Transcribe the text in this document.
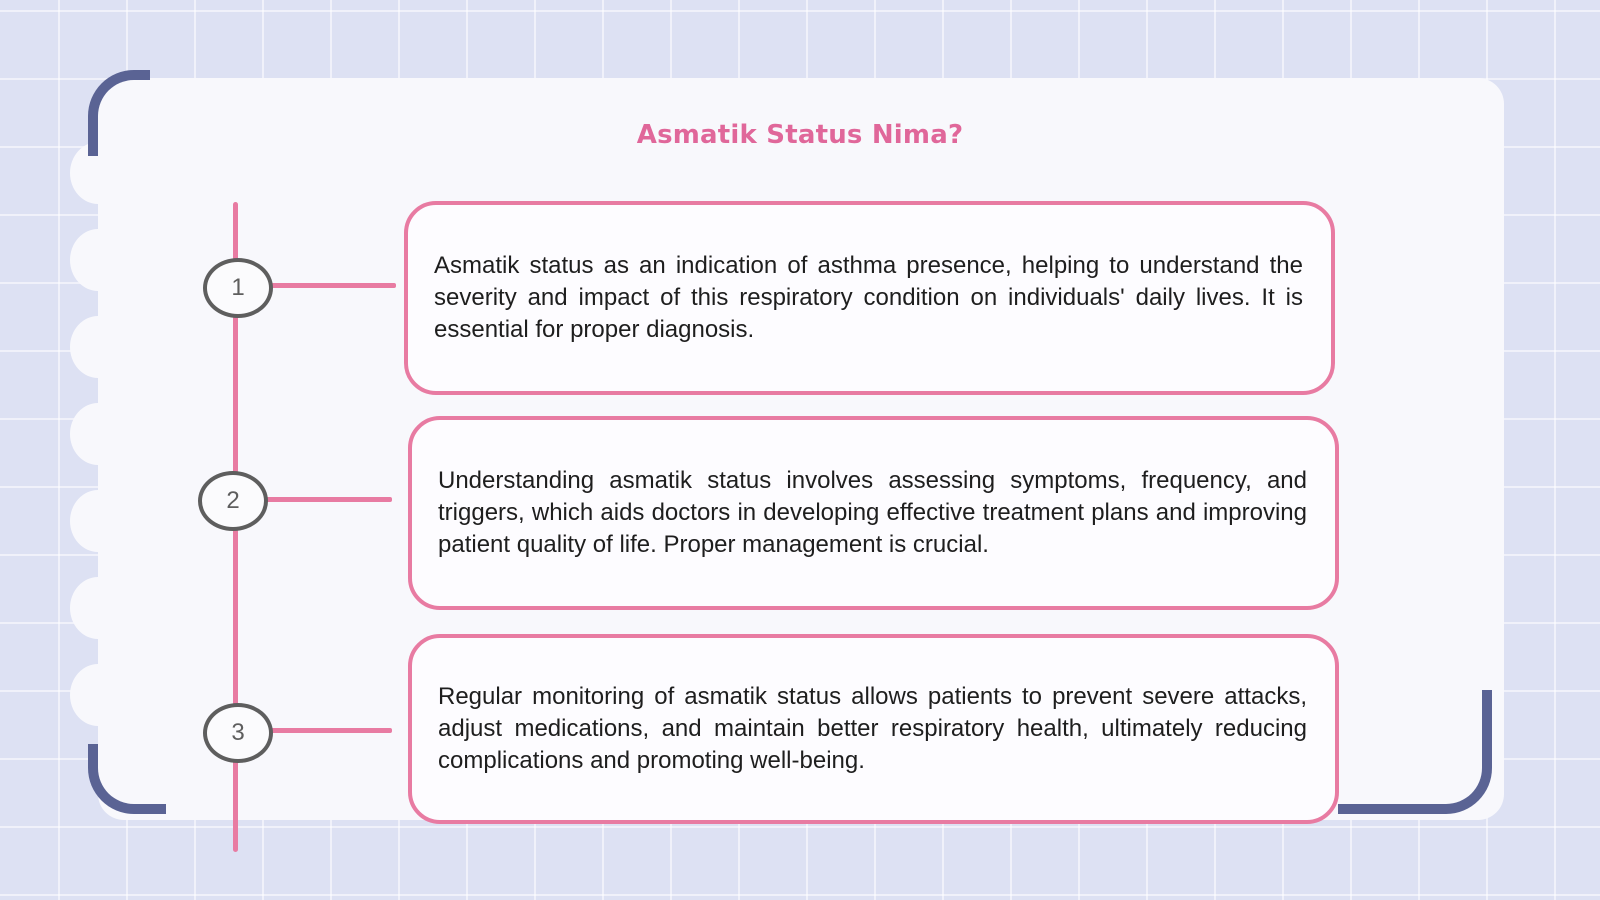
Asmatik Status Nima?
1

Asmatik status as an indication of asthma presence, helping to understand the severity and impact of this respiratory condition on individuals' daily lives. It is essential for proper diagnosis.

2

Understanding asmatik status involves assessing symptoms, frequency, and triggers, which aids doctors in developing effective treatment plans and improving patient quality of life. Proper management is crucial.

3

Regular monitoring of asmatik status allows patients to prevent severe attacks, adjust medications, and maintain better respiratory health, ultimately reducing complications and promoting well-being.
